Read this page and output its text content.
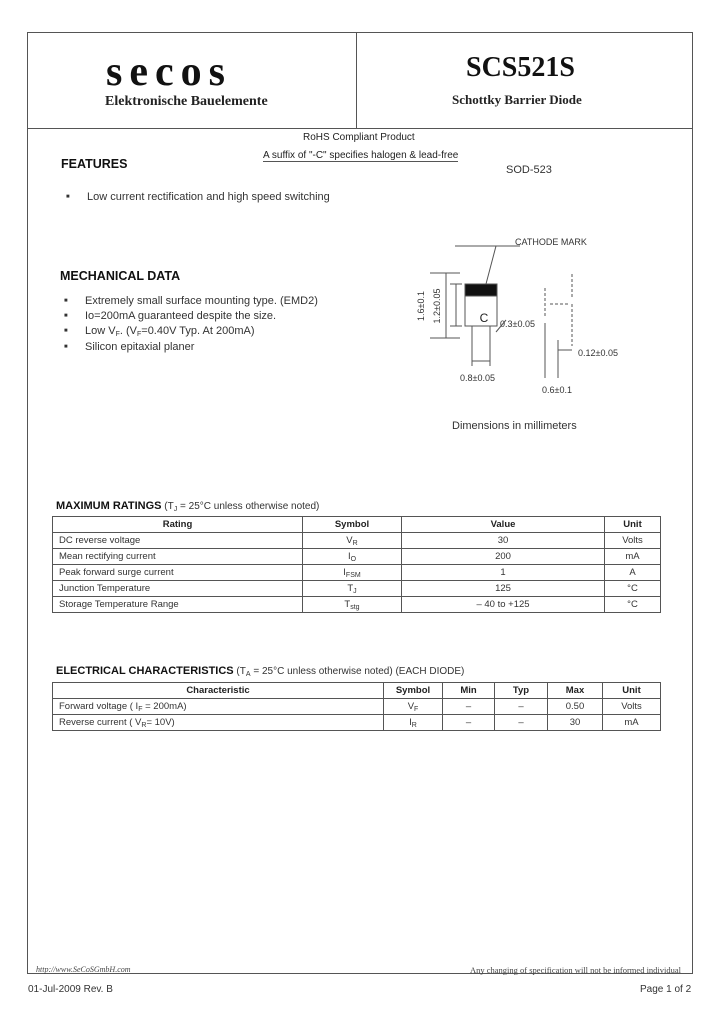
secos
Elektronische Bauelemente
SCS521S
Schottky Barrier Diode
RoHS Compliant Product
A suffix of "-C" specifies halogen & lead-free
FEATURES
■ Low current rectification and high speed switching
SOD-523
MECHANICAL DATA
■ Extremely small surface mounting type. (EMD2)
■ Io=200mA guaranteed despite the size.
■ Low $V_F$. ($V_F=0.40V$ Typ. At 200mA)
■ Silicon epitaxial planer
C
CATHODE MARK
0.3±0.05
0.12±0.05
0.8±0.05
0.6±0.1
1.6±0.1 1.2±0.05
Dimensions in millimeters
MAXIMUM RATINGS ($T_J = 25^\circ C$ unless otherwise noted)
Rating	Symbol	Value	Unit
DC reverse voltage	$V_R$	30	Volts
Mean rectifying current	$I_O$	200	mA
Peak forward surge current	$I_{FSM}$	1	A
Junction Temperature	$T_J$	125	°C
Storage Temperature Range	$T_{stg}$	– 40 to +125	°C
ELECTRICAL CHARACTERISTICS ($T_A = 25^\circ C$ unless otherwise noted) (EACH DIODE)
Characteristic	Symbol	Min	Typ	Max	Unit
Forward voltage ( $I_F = 200mA$)	$V_F$	–	–	0.50	Volts
Reverse current ( $V_R= 10V$)	$I_R$	–	–	30	mA
http://www.SeCoSGmbH.com	Any changing of specification will not be informed individual
01-Jul-2009 Rev. B	Page 1 of 2
